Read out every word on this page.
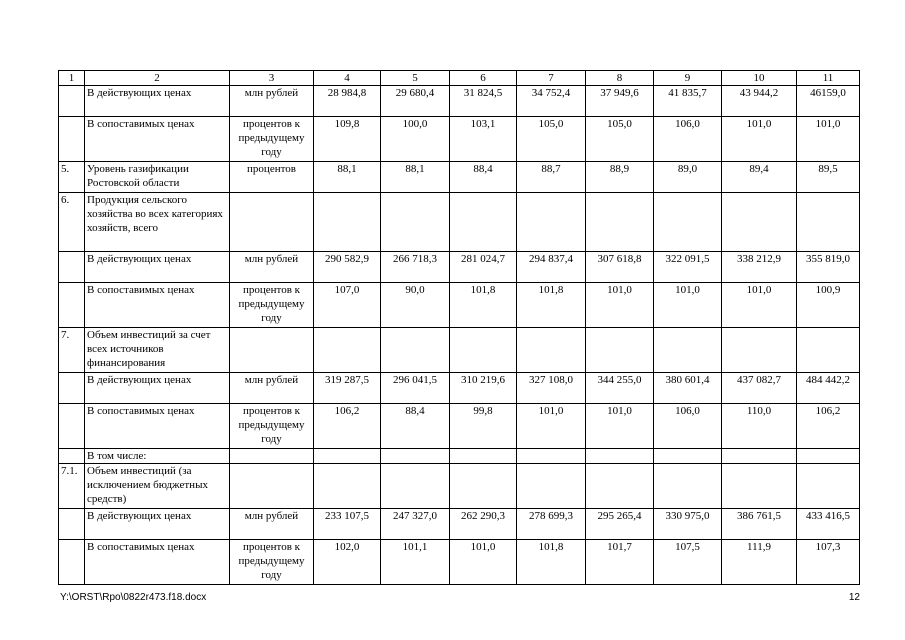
1	2	3	4	5	6	7	8	9	10	11
	В действующих ценах	млн рублей	28 984,8	29 680,4	31 824,5	34 752,4	37 949,6	41 835,7	43 944,2	46159,0
	В сопоставимых ценах	процентов к предыдущему году	109,8	100,0	103,1	105,0	105,0	106,0	101,0	101,0
5.	Уровень газификации Ростовской области	процентов	88,1	88,1	88,4	88,7	88,9	89,0	89,4	89,5
6.	Продукция сельского хозяйства во всех категориях хозяйств, всего									
	В действующих ценах	млн рублей	290 582,9	266 718,3	281 024,7	294 837,4	307 618,8	322 091,5	338 212,9	355 819,0
	В сопоставимых ценах	процентов к предыдущему году	107,0	90,0	101,8	101,8	101,0	101,0	101,0	100,9
7.	Объем инвестиций за счет всех источников финансирования									
	В действующих ценах	млн рублей	319 287,5	296 041,5	310 219,6	327 108,0	344 255,0	380 601,4	437 082,7	484 442,2
	В сопоставимых ценах	процентов к предыдущему году	106,2	88,4	99,8	101,0	101,0	106,0	110,0	106,2
	В том числе:									
7.1.	Объем инвестиций (за исключением бюджетных средств)									
	В действующих ценах	млн рублей	233 107,5	247 327,0	262 290,3	278 699,3	295 265,4	330 975,0	386 761,5	433 416,5
	В сопоставимых ценах	процентов к предыдущему году	102,0	101,1	101,0	101,8	101,7	107,5	111,9	107,3
Y:\ORST\Rpo\0822r473.f18.docx	12
